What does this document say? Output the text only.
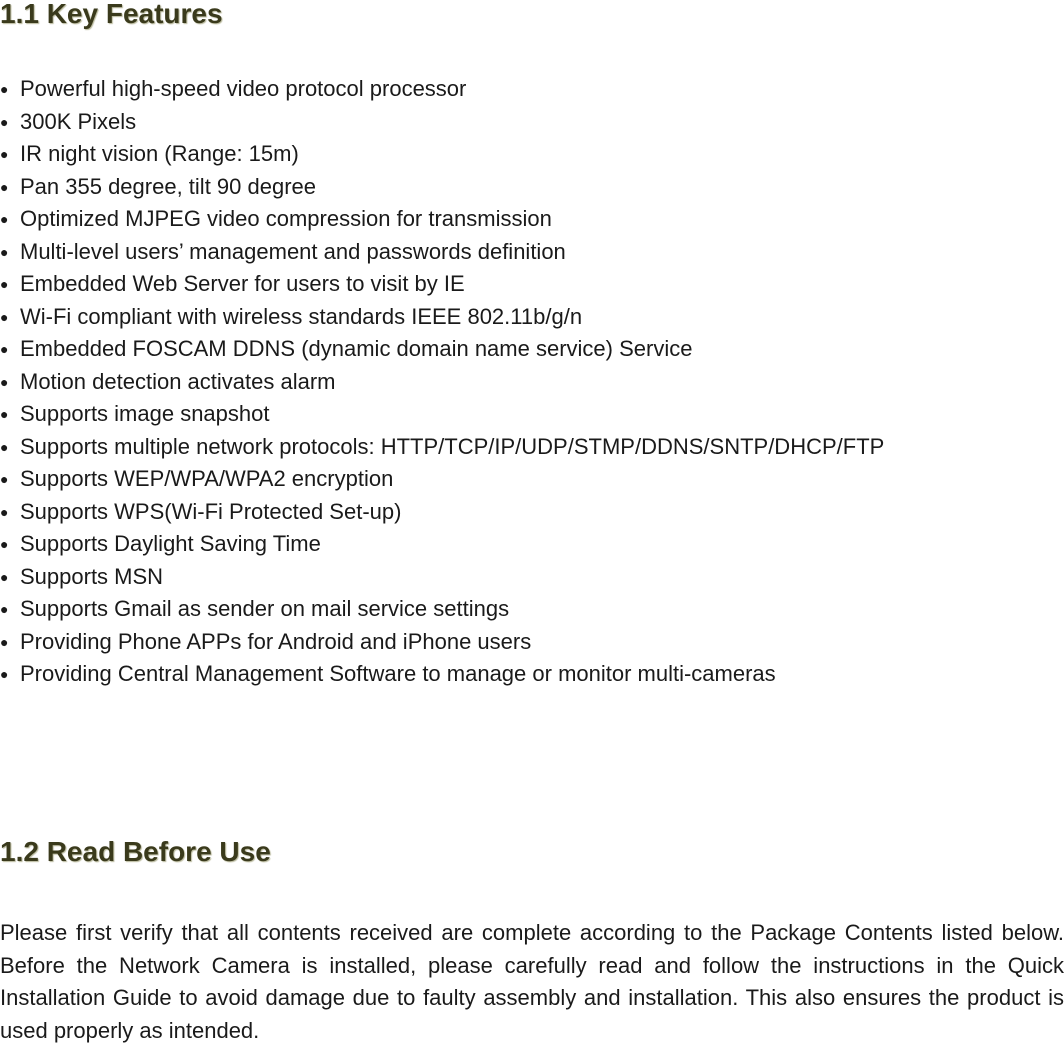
1.1 Key Features
● Powerful high-speed video protocol processor
● 300K Pixels
● IR night vision (Range: 15m)
● Pan 355 degree, tilt 90 degree
● Optimized MJPEG video compression for transmission
● Multi-level users’ management and passwords definition
● Embedded Web Server for users to visit by IE
● Wi-Fi compliant with wireless standards IEEE 802.11b/g/n
● Embedded FOSCAM DDNS (dynamic domain name service) Service
● Motion detection activates alarm
● Supports image snapshot
● Supports multiple network protocols: HTTP/TCP/IP/UDP/STMP/DDNS/SNTP/DHCP/FTP
● Supports WEP/WPA/WPA2 encryption
● Supports WPS(Wi-Fi Protected Set-up)
● Supports Daylight Saving Time
● Supports MSN
● Supports Gmail as sender on mail service settings
● Providing Phone APPs for Android and iPhone users
● Providing Central Management Software to manage or monitor multi-cameras
1.2 Read Before Use

Please first verify that all contents received are complete according to the Package Contents listed below. Before the Network Camera is installed, please carefully read and follow the instructions in the Quick Installation Guide to avoid damage due to faulty assembly and installation. This also ensures the product is used properly as intended.
